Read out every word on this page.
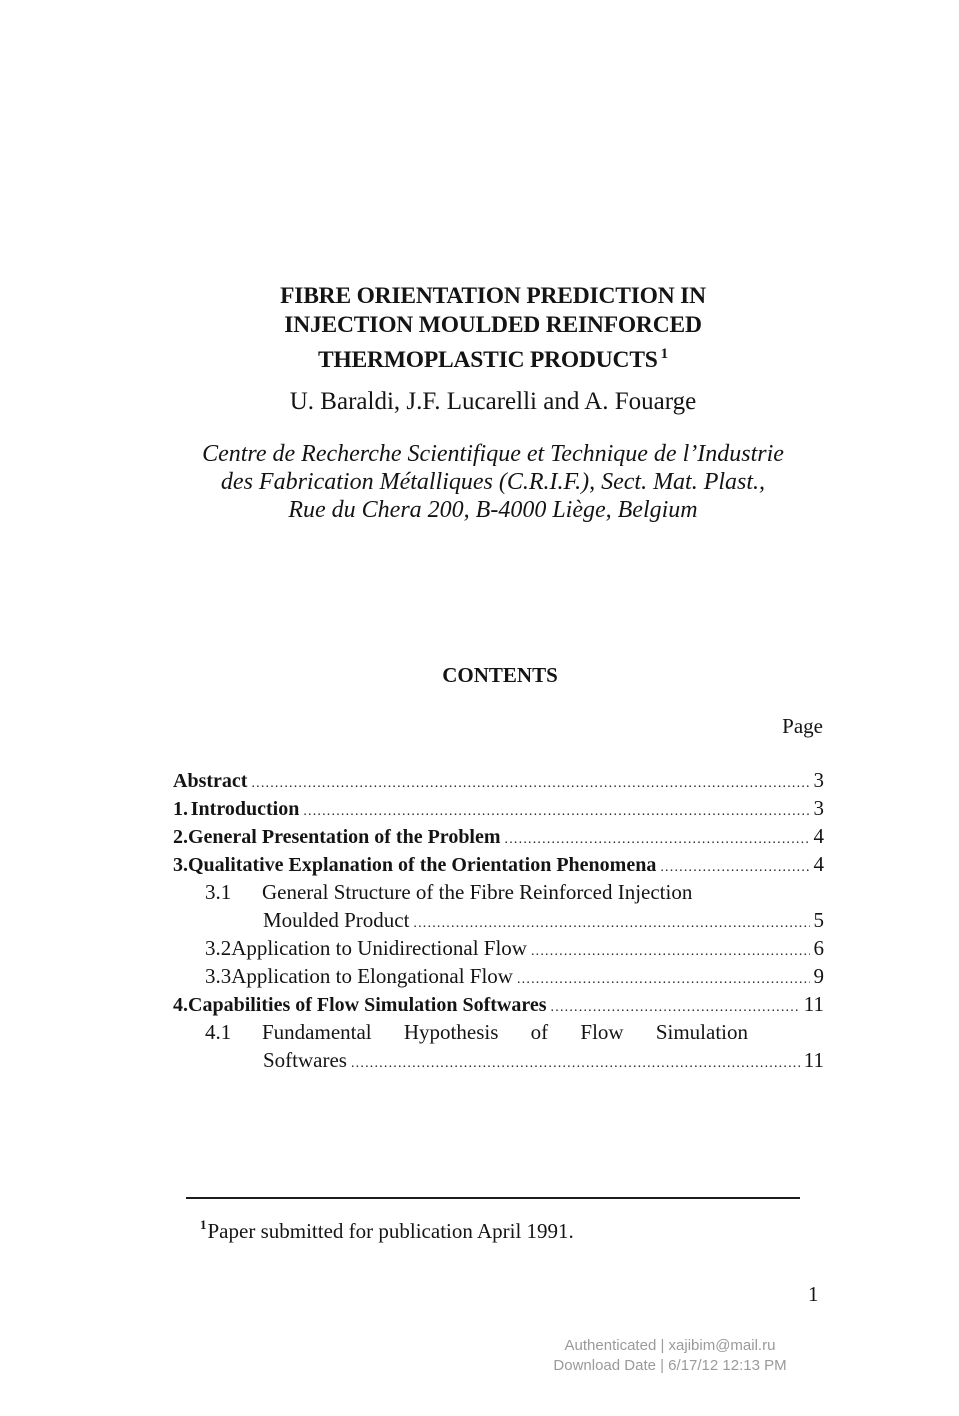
FIBRE ORIENTATION PREDICTION IN
INJECTION MOULDED REINFORCED
THERMOPLASTIC PRODUCTS $^1$
U. Baraldi, J.F. Lucarelli and A. Fouarge
Centre de Recherche Scientifique et Technique de l’Industrie
des Fabrication Métalliques (C.R.I.F.), Sect. Mat. Plast.,
Rue du Chera 200, B-4000 Liège, Belgium
CONTENTS
Page
Abstract .....	3
1. Introduction .....	3
2. General Presentation of the Problem .....	4
3. Qualitative Explanation of the Orientation Phenomena .....	4
3.1 General Structure of the Fibre Reinforced Injection
Moulded Product .....	5
3.2 Application to Unidirectional Flow .....	6
3.3 Application to Elongational Flow .....	9
4. Capabilities of Flow Simulation Softwares .....	11
4.1 Fundamental Hypothesis of Flow Simulation
Softwares .....	11
$^1$Paper submitted for publication April 1991.
1
Authenticated | xajibim@mail.ru
Download Date | 6/17/12 12:13 PM
